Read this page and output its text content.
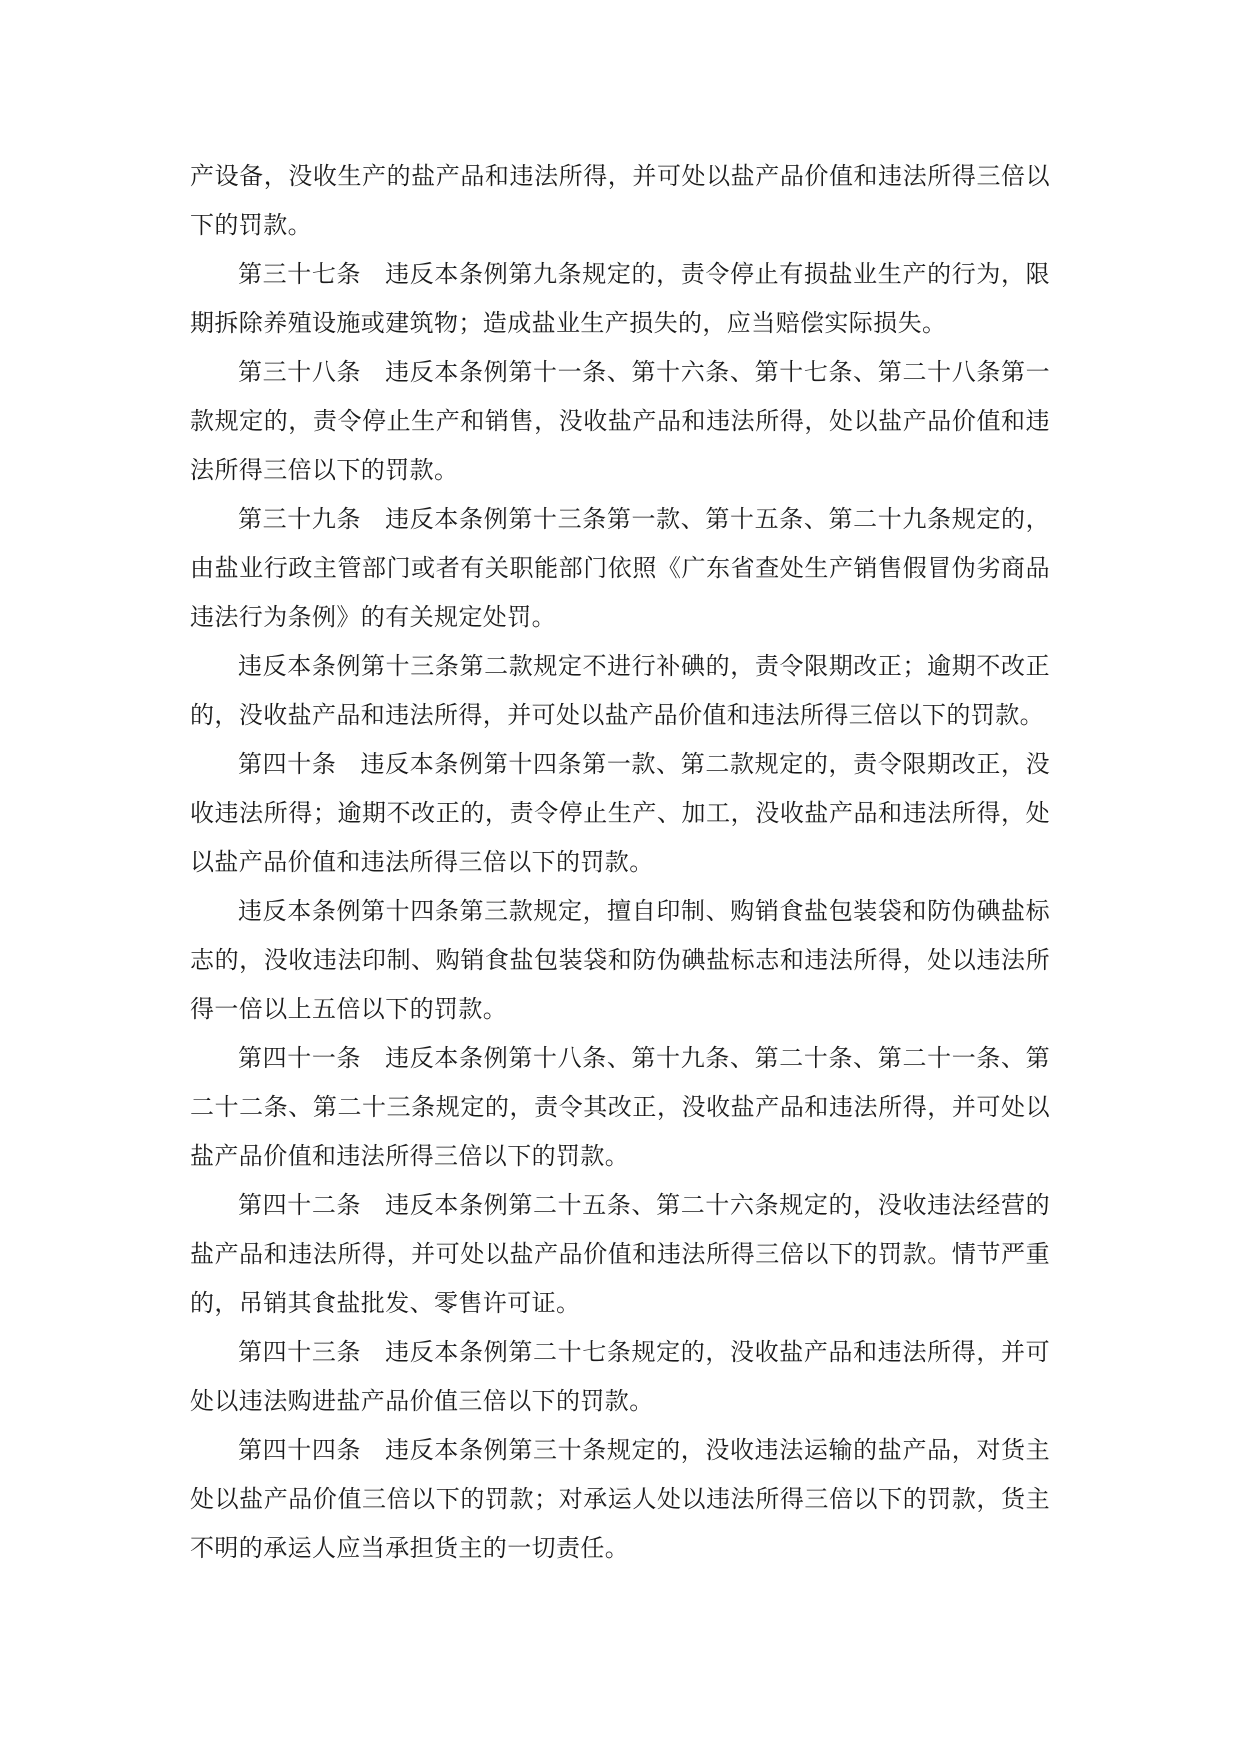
产设备，没收生产的盐产品和违法所得，并可处以盐产品价值和违法所得三倍以下的罚款。

第三十七条 违反本条例第九条规定的，责令停止有损盐业生产的行为，限期拆除养殖设施或建筑物；造成盐业生产损失的，应当赔偿实际损失。

第三十八条 违反本条例第十一条、第十六条、第十七条、第二十八条第一款规定的，责令停止生产和销售，没收盐产品和违法所得，处以盐产品价值和违法所得三倍以下的罚款。

第三十九条 违反本条例第十三条第一款、第十五条、第二十九条规定的，由盐业行政主管部门或者有关职能部门依照《广东省查处生产销售假冒伪劣商品违法行为条例》的有关规定处罚。

违反本条例第十三条第二款规定不进行补碘的，责令限期改正；逾期不改正的，没收盐产品和违法所得，并可处以盐产品价值和违法所得三倍以下的罚款。

第四十条 违反本条例第十四条第一款、第二款规定的，责令限期改正，没收违法所得；逾期不改正的，责令停止生产、加工，没收盐产品和违法所得，处以盐产品价值和违法所得三倍以下的罚款。

违反本条例第十四条第三款规定，擅自印制、购销食盐包装袋和防伪碘盐标志的，没收违法印制、购销食盐包装袋和防伪碘盐标志和违法所得，处以违法所得一倍以上五倍以下的罚款。

第四十一条 违反本条例第十八条、第十九条、第二十条、第二十一条、第二十二条、第二十三条规定的，责令其改正，没收盐产品和违法所得，并可处以盐产品价值和违法所得三倍以下的罚款。

第四十二条 违反本条例第二十五条、第二十六条规定的，没收违法经营的盐产品和违法所得，并可处以盐产品价值和违法所得三倍以下的罚款。情节严重的，吊销其食盐批发、零售许可证。

第四十三条 违反本条例第二十七条规定的，没收盐产品和违法所得，并可处以违法购进盐产品价值三倍以下的罚款。

第四十四条 违反本条例第三十条规定的，没收违法运输的盐产品，对货主处以盐产品价值三倍以下的罚款；对承运人处以违法所得三倍以下的罚款，货主不明的承运人应当承担货主的一切责任。
